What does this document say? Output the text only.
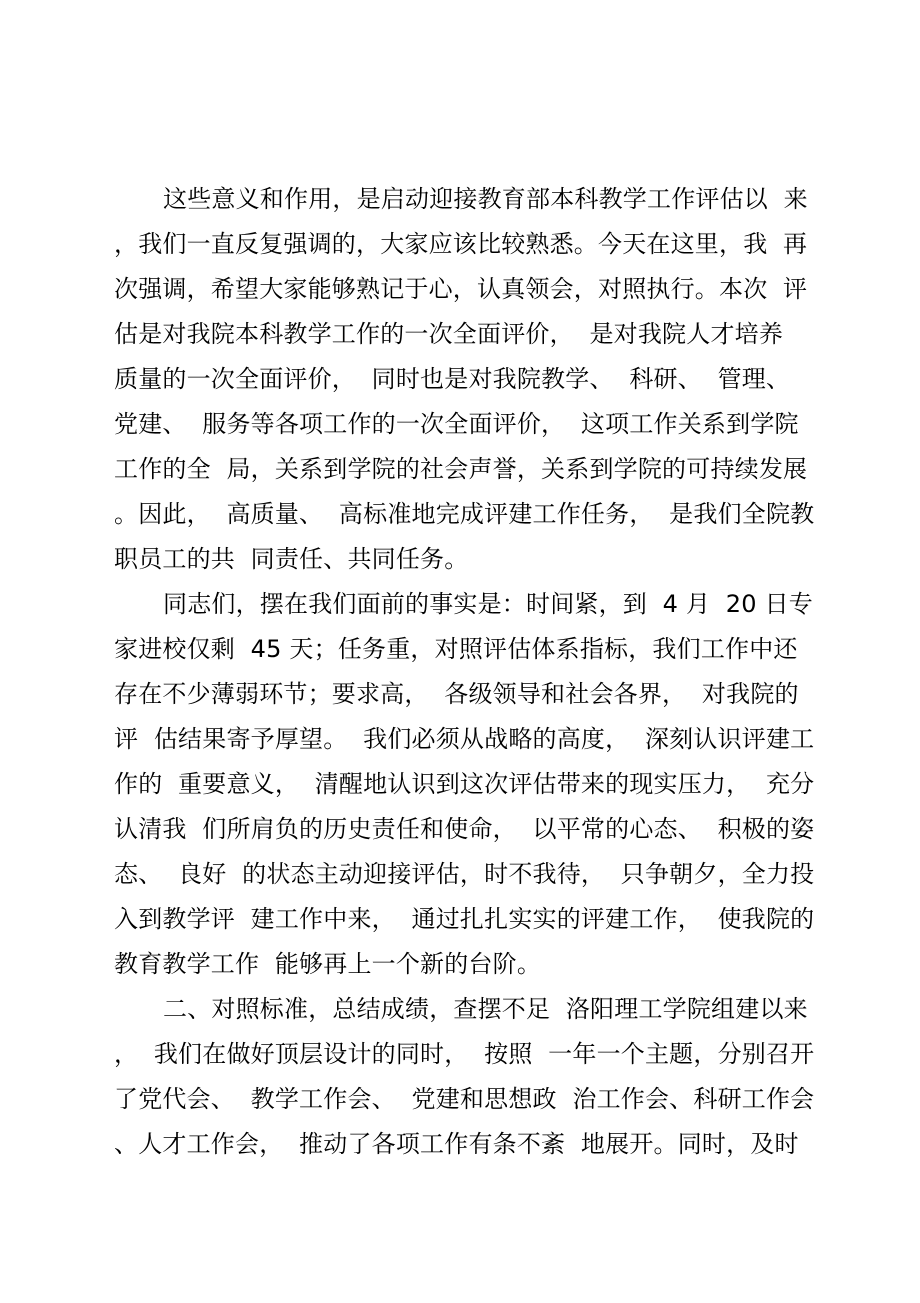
这些意义和作用，是启动迎接教育部本科教学工作评估以  来
，我们一直反复强调的，大家应该比较熟悉。今天在这里，我  再
次强调，希望大家能够熟记于心，认真领会，对照执行。本次  评
估是对我院本科教学工作的一次全面评价，  是对我院人才培养
质量的一次全面评价，  同时也是对我院教学、  科研、  管理、
党建、  服务等各项工作的一次全面评价，  这项工作关系到学院
工作的全  局，关系到学院的社会声誉，关系到学院的可持续发展
。因此，  高质量、  高标准地完成评建工作任务，  是我们全院教
职员工的共  同责任、共同任务。
同志们，摆在我们面前的事实是：时间紧，到  4 月  20 日专
家进校仅剩  45 天；任务重，对照评估体系指标，我们工作中还
存在不少薄弱环节；要求高，  各级领导和社会各界，  对我院的
评  估结果寄予厚望。  我们必须从战略的高度，  深刻认识评建工
作的  重要意义，  清醒地认识到这次评估带来的现实压力，  充分
认清我  们所肩负的历史责任和使命，  以平常的心态、  积极的姿
态、  良好  的状态主动迎接评估，时不我待，  只争朝夕，全力投
入到教学评  建工作中来，  通过扎扎实实的评建工作，  使我院的
教育教学工作  能够再上一个新的台阶。
二、对照标准，总结成绩，查摆不足  洛阳理工学院组建以来
，  我们在做好顶层设计的同时，  按照  一年一个主题，分别召开
了党代会、  教学工作会、  党建和思想政  治工作会、科研工作会
、人才工作会，  推动了各项工作有条不紊  地展开。同时，及时
